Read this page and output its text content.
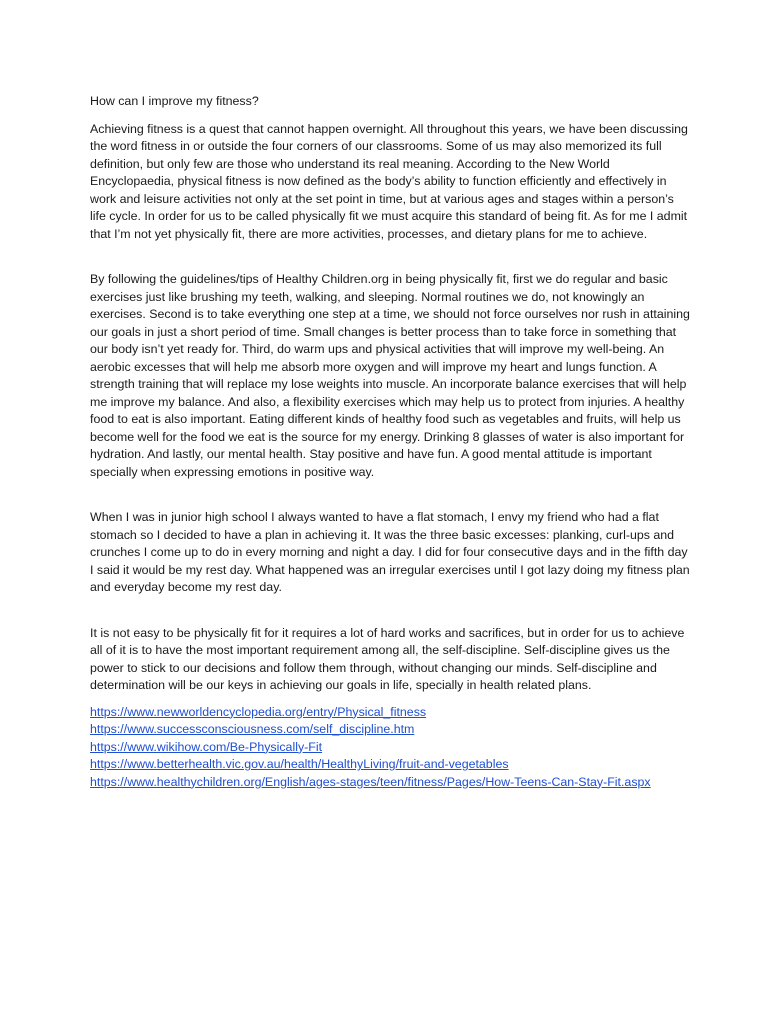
How can I improve my fitness?

Achieving fitness is a quest that cannot happen overnight. All throughout this years, we have been discussing the word fitness in or outside the four corners of our classrooms. Some of us may also memorized its full definition, but only few are those who understand its real meaning. According to the New World Encyclopaedia, physical fitness is now defined as the body’s ability to function efficiently and effectively in work and leisure activities not only at the set point in time, but at various ages and stages within a person’s life cycle. In order for us to be called physically fit we must acquire this standard of being fit. As for me I admit that I’m not yet physically fit, there are more activities, processes, and dietary plans for me to achieve.

By following the guidelines/tips of Healthy Children.org in being physically fit, first we do regular and basic exercises just like brushing my teeth, walking, and sleeping. Normal routines we do, not knowingly an exercises. Second is to take everything one step at a time, we should not force ourselves nor rush in attaining our goals in just a short period of time. Small changes is better process than to take force in something that our body isn’t yet ready for. Third, do warm ups and physical activities that will improve my well-being. An aerobic excesses that will help me absorb more oxygen and will improve my heart and lungs function. A strength training that will replace my lose weights into muscle. An incorporate balance exercises that will help me improve my balance. And also, a flexibility exercises which may help us to protect from injuries. A healthy food to eat is also important. Eating different kinds of healthy food such as vegetables and fruits, will help us become well for the food we eat is the source for my energy. Drinking 8 glasses of water is also important for hydration. And lastly, our mental health. Stay positive and have fun. A good mental attitude is important specially when expressing emotions in positive way.

When I was in junior high school I always wanted to have a flat stomach, I envy my friend who had a flat stomach so I decided to have a plan in achieving it. It was the three basic excesses: planking, curl-ups and crunches I come up to do in every morning and night a day. I did for four consecutive days and in the fifth day I said it would be my rest day. What happened was an irregular exercises until I got lazy doing my fitness plan and everyday become my rest day.

It is not easy to be physically fit for it requires a lot of hard works and sacrifices, but in order for us to achieve all of it is to have the most important requirement among all, the self-discipline. Self-discipline gives us the power to stick to our decisions and follow them through, without changing our minds. Self-discipline and determination will be our keys in achieving our goals in life, specially in health related plans.

https://www.newworldencyclopedia.org/entry/Physical_fitness
https://www.successconsciousness.com/self_discipline.htm
https://www.wikihow.com/Be-Physically-Fit
https://www.betterhealth.vic.gov.au/health/HealthyLiving/fruit-and-vegetables
https://www.healthychildren.org/English/ages-stages/teen/fitness/Pages/How-Teens-Can-Stay-Fit.aspx
